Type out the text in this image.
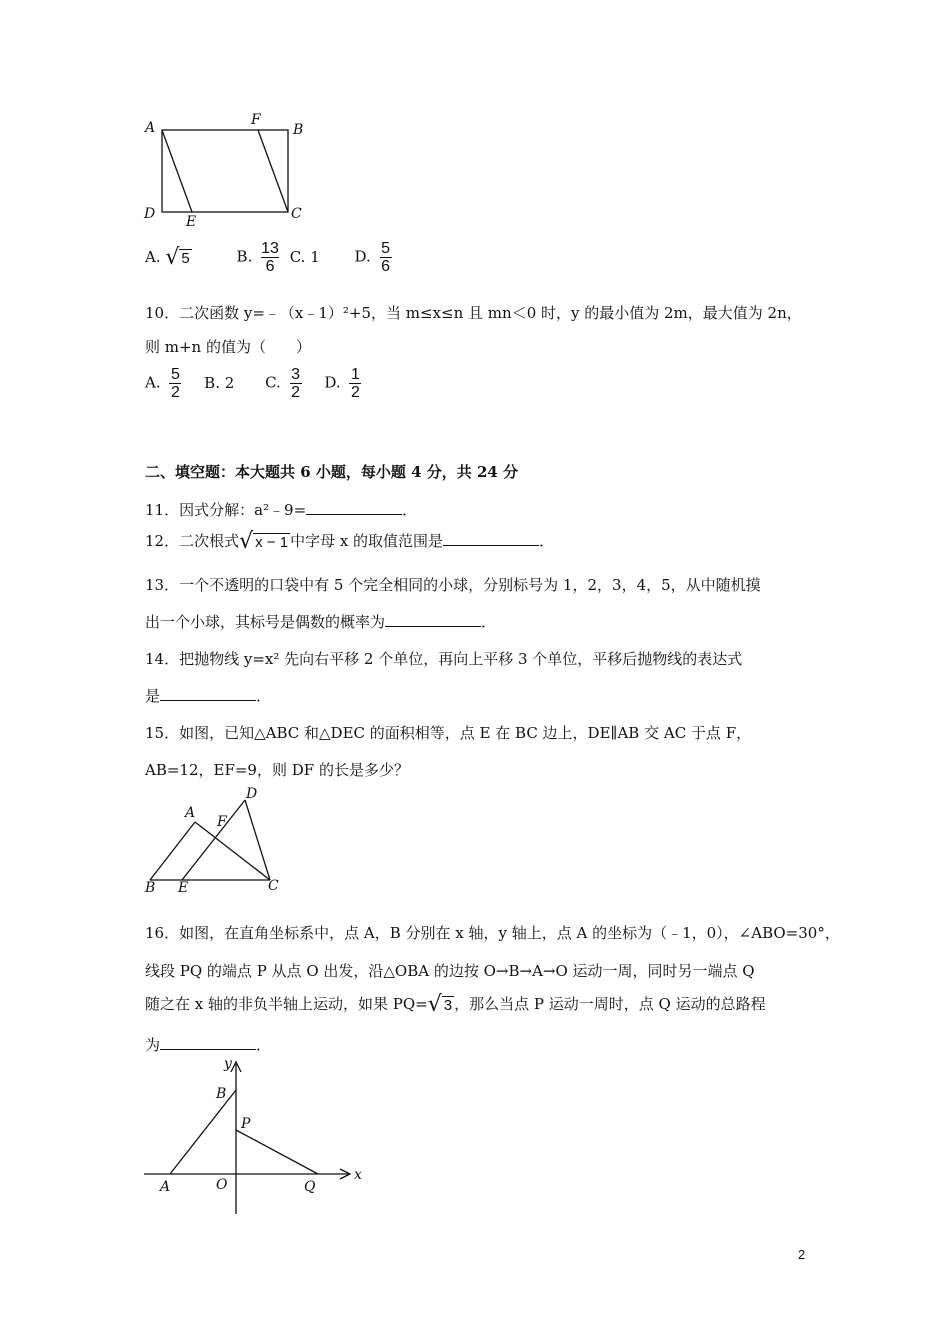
A	F
B
D E	C
A. √ 5	B. $\frac{13}{6} C$. 1 D. $\frac{5}{6}$
10．二次函数 y=﹣（x﹣1）²+5，当 m≤x≤n 且 mn＜0 时，y 的最小值为 2m，最大值为 2n，
则 m+n 的值为（　　）
A. $\frac{5}{2} B$. 2 C. $\frac{3}{2} D$. $\frac{1}{2}$
二、填空题：本大题共 6 小题，每小题 4 分，共 24 分
11．因式分解：a²﹣9=	．
12．二次根式 √ x − 1 中字母 x 的取值范围是	．
13．一个不透明的口袋中有 5 个完全相同的小球，分别标号为 1，2，3，4，5，从中随机摸
出一个小球，其标号是偶数的概率为	．
14．把抛物线 y=x² 先向右平移 2 个单位，再向上平移 3 个单位，平移后抛物线的表达式
是	．
15．如图，已知△ABC 和△DEC 的面积相等，点 E 在 BC 边上，DE∥AB 交 AC 于点 F，
AB=12，EF=9，则 DF 的长是多少？
A
F
D
B E	C
16．如图，在直角坐标系中，点 A，B 分别在 x 轴，y 轴上，点 A 的坐标为（﹣1，0），∠ABO=30°，
线段 PQ 的端点 P 从点 O 出发，沿△OBA 的边按 O→B→A→O 运动一周，同时另一端点 Q
随之在 x 轴的非负半轴上运动，如果 PQ= √ 3 ，那么当点 P 运动一周时，点 Q 运动的总路程
为	．
y
x
B
P
A	O	Q
2
